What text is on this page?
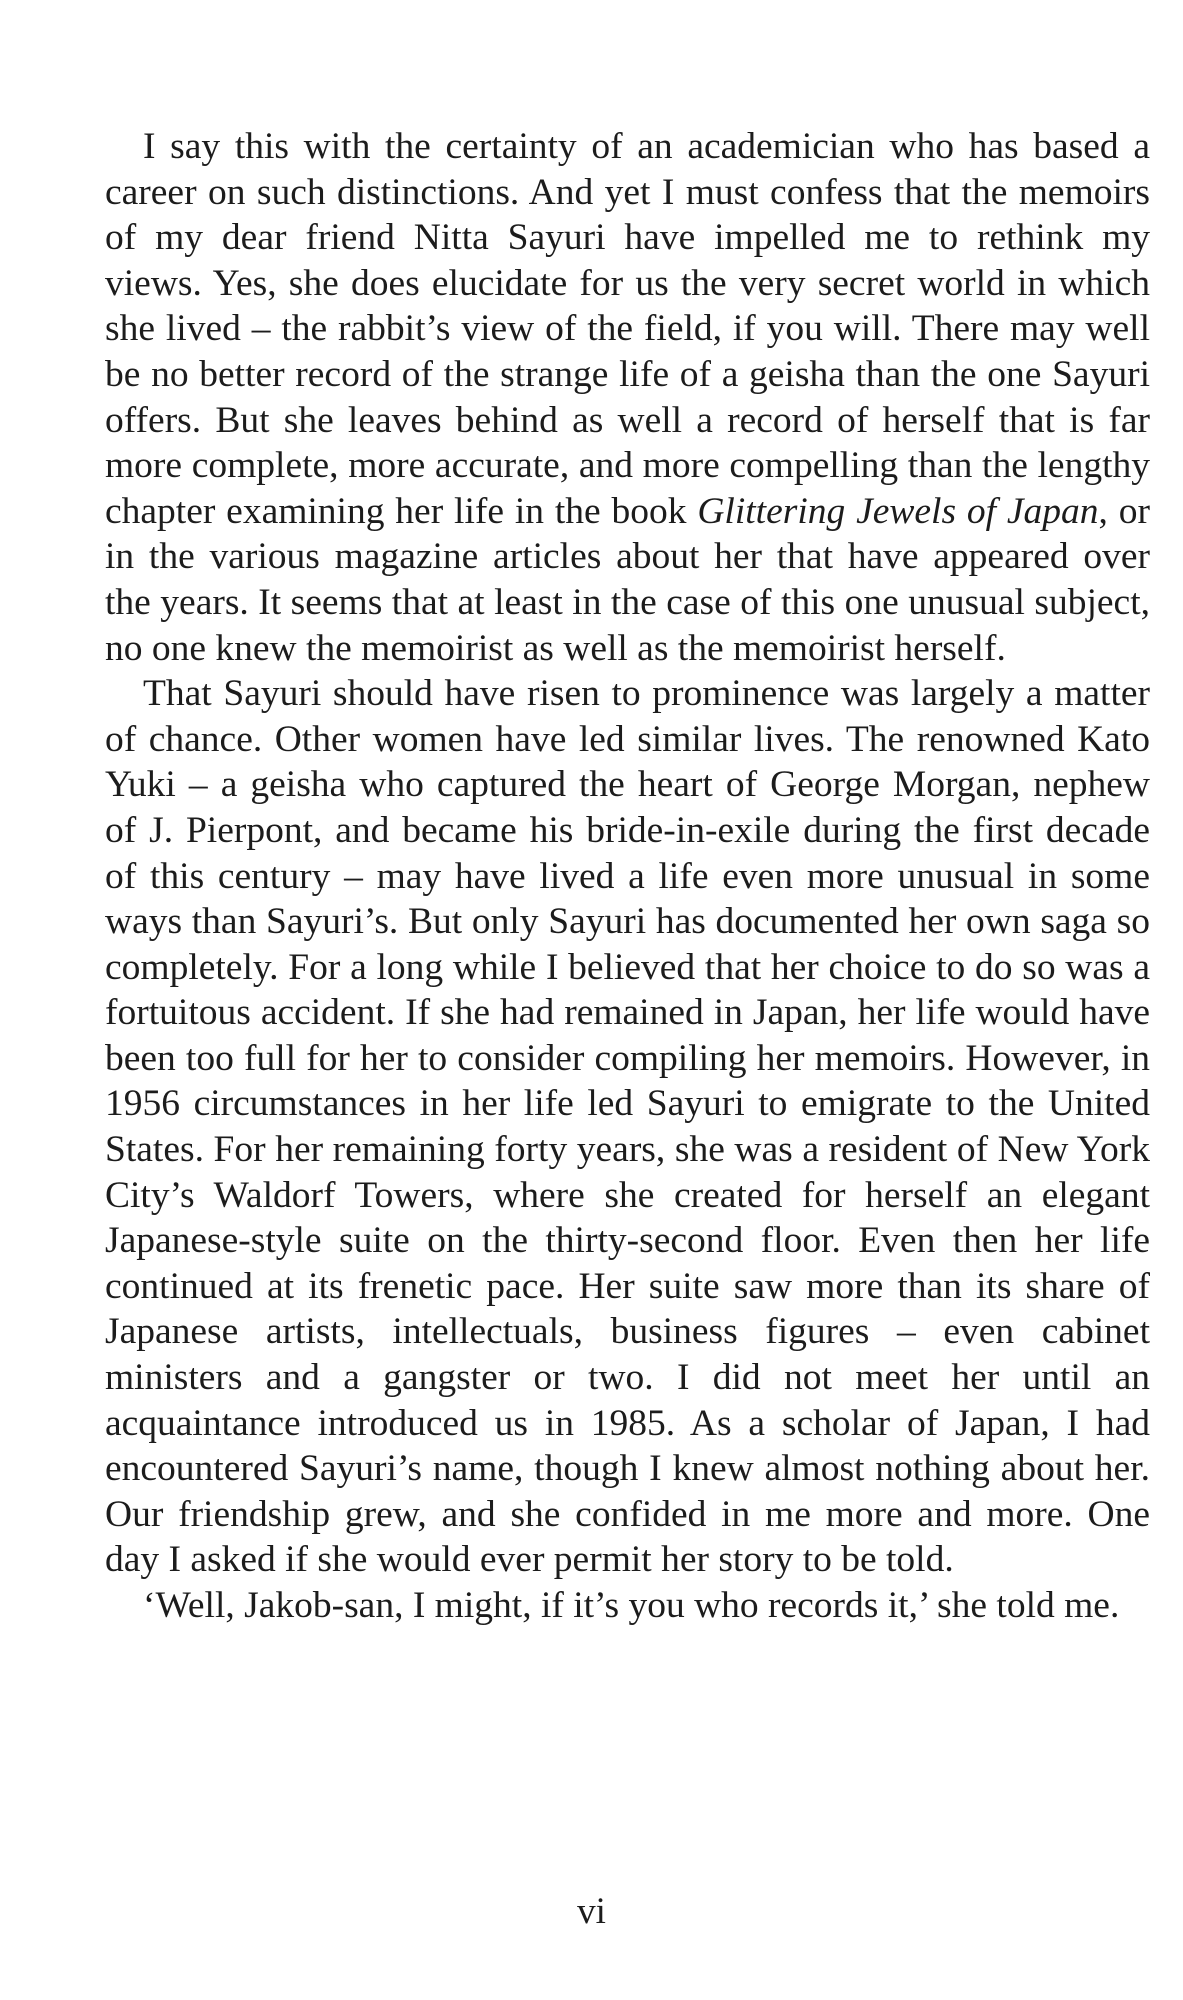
I say this with the certainty of an academician who has based a career on such distinctions. And yet I must confess that the memoirs of my dear friend Nitta Sayuri have impelled me to rethink my views. Yes, she does elucidate for us the very secret world in which she lived – the rabbit’s view of the field, if you will. There may well be no better record of the strange life of a geisha than the one Sayuri offers. But she leaves behind as well a record of herself that is far more complete, more accurate, and more compelling than the lengthy chapter examining her life in the book Glittering Jewels of Japan, or in the various magazine articles about her that have appeared over the years. It seems that at least in the case of this one unusual subject, no one knew the memoirist as well as the memoirist herself.

That Sayuri should have risen to prominence was largely a matter of chance. Other women have led similar lives. The renowned Kato Yuki – a geisha who captured the heart of George Morgan, nephew of J. Pierpont, and became his bride-in-exile during the first decade of this century – may have lived a life even more unusual in some ways than Sayuri’s. But only Sayuri has documented her own saga so completely. For a long while I believed that her choice to do so was a fortuitous accident. If she had remained in Japan, her life would have been too full for her to consider compiling her memoirs. However, in 1956 circumstances in her life led Sayuri to emigrate to the United States. For her remaining forty years, she was a resident of New York City’s Waldorf Towers, where she created for herself an elegant Japanese-style suite on the thirty-second floor. Even then her life continued at its frenetic pace. Her suite saw more than its share of Japanese artists, intellectuals, business figures – even cabinet ministers and a gangster or two. I did not meet her until an acquaintance introduced us in 1985. As a scholar of Japan, I had encountered Sayuri’s name, though I knew almost nothing about her. Our friendship grew, and she confided in me more and more. One day I asked if she would ever permit her story to be told.

‘Well, Jakob-san, I might, if it’s you who records it,’ she told me.

vi
